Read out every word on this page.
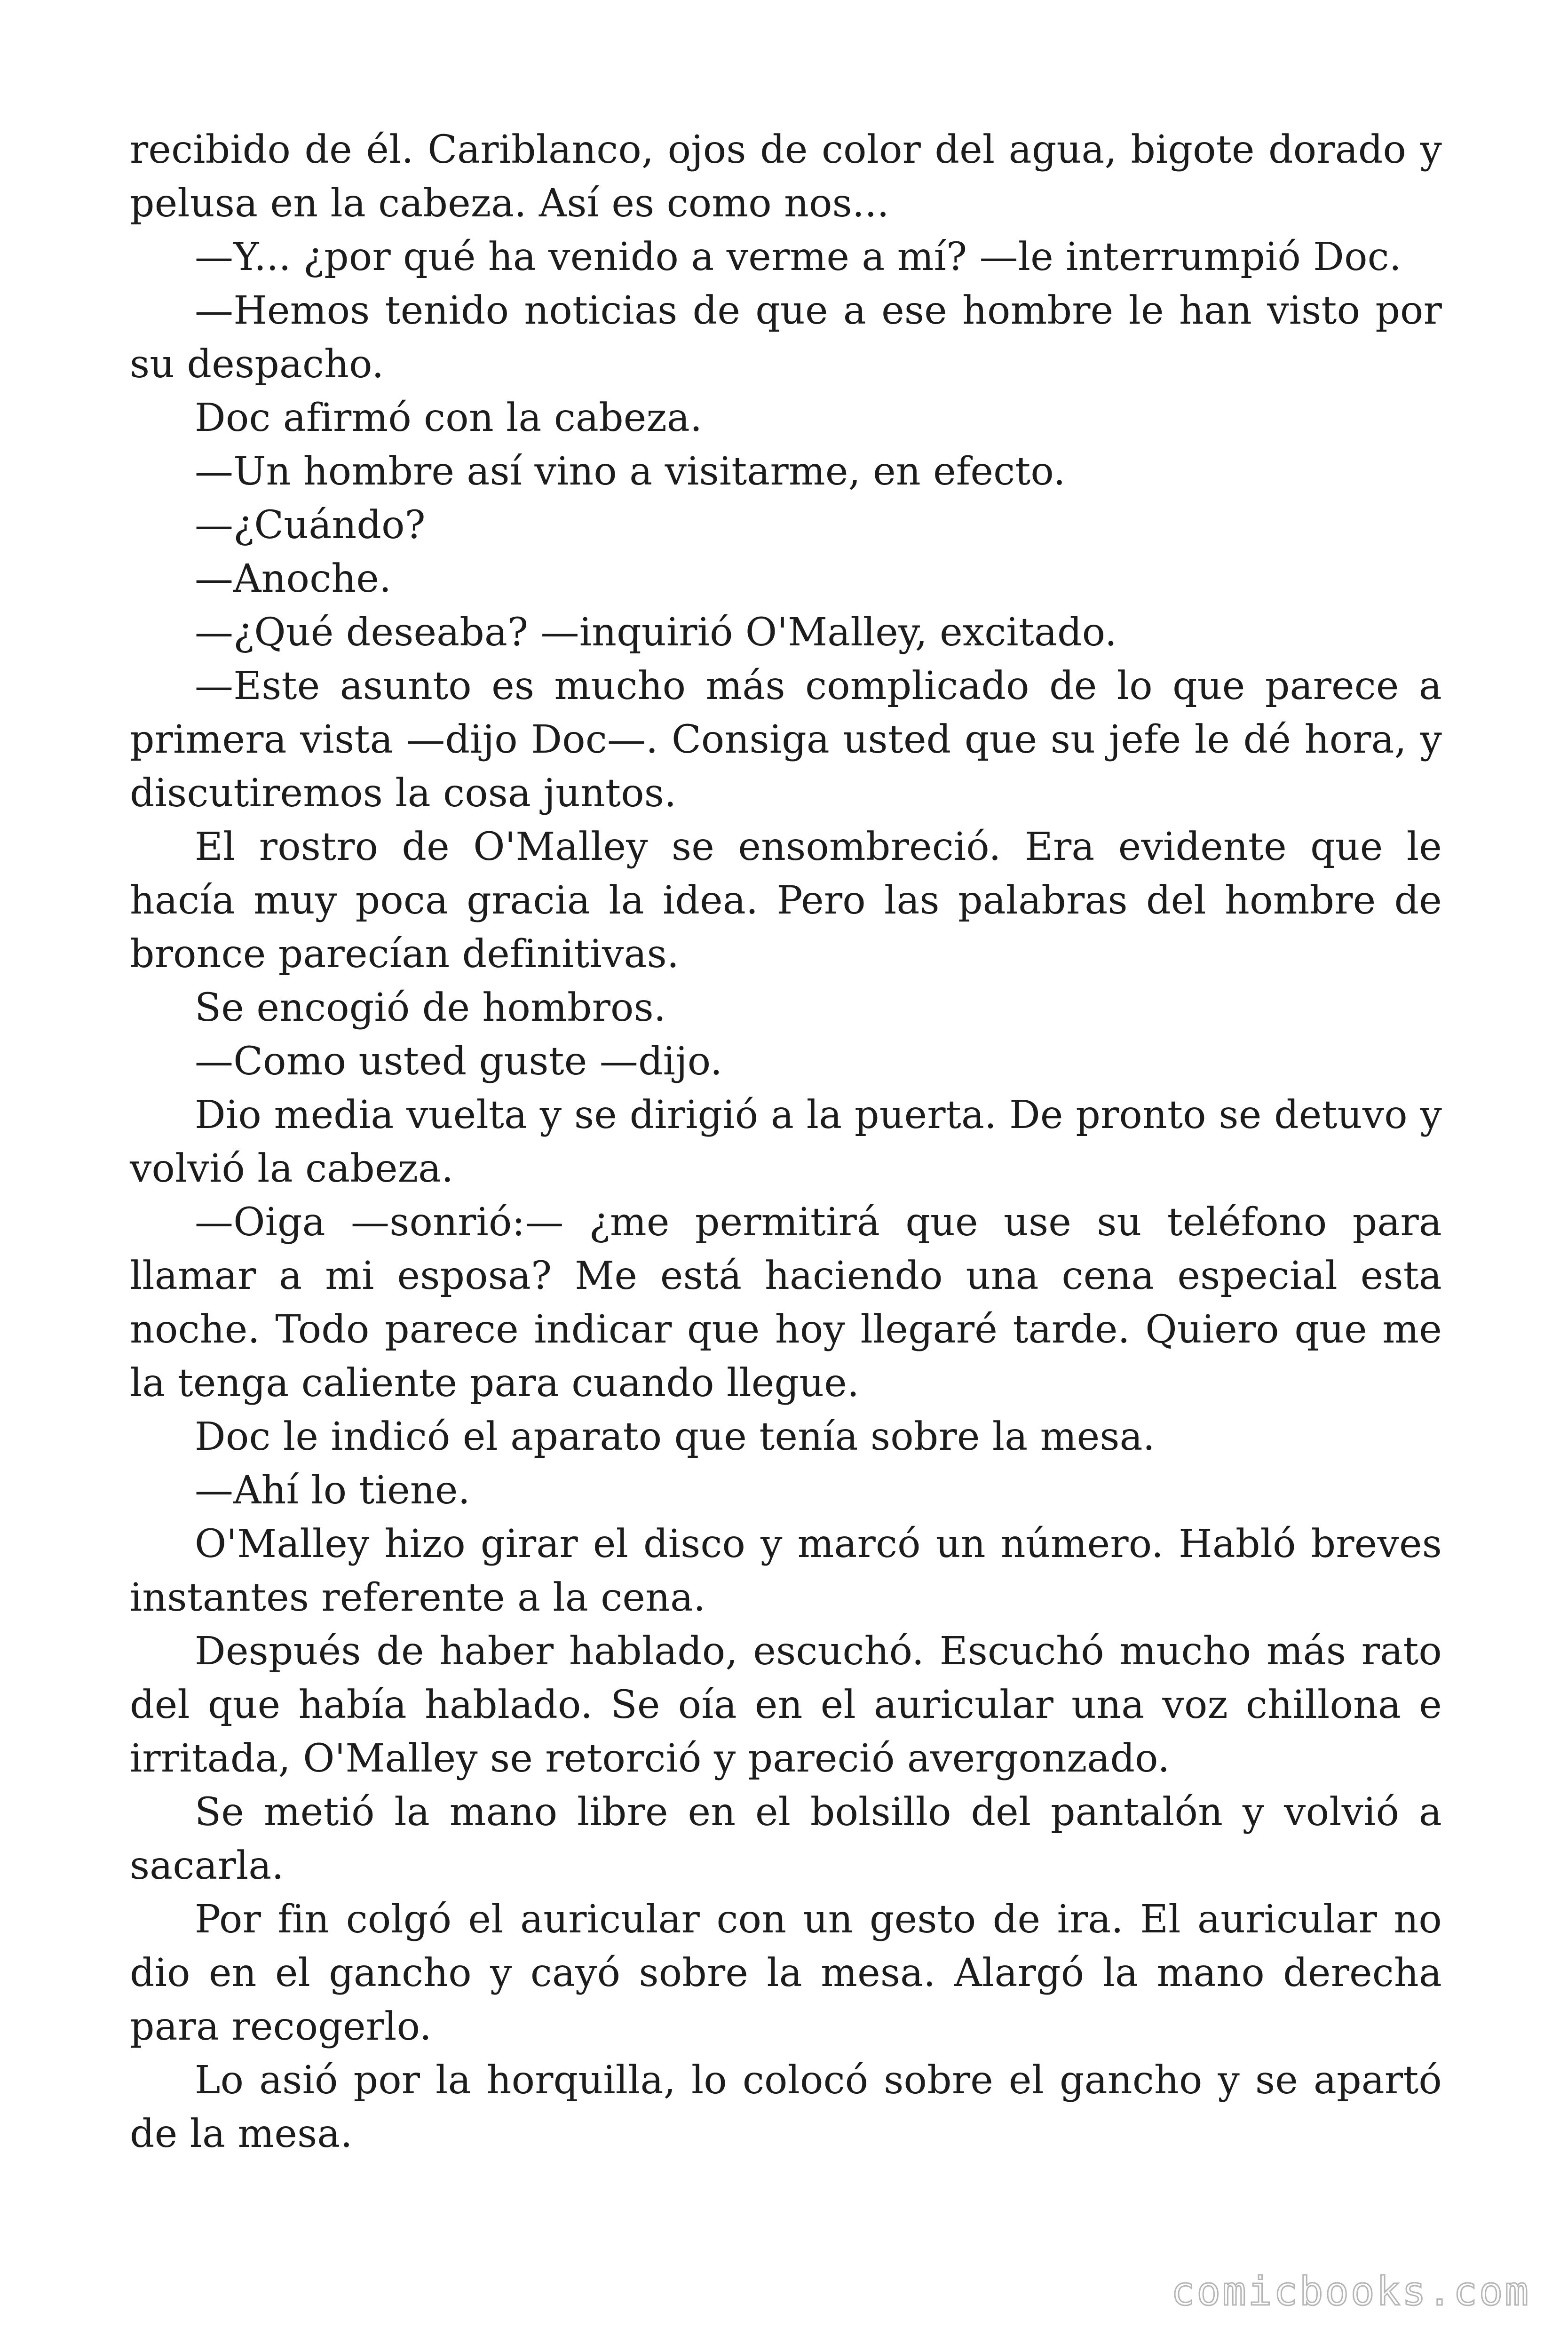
recibido de él. Cariblanco, ojos de color del agua, bigote dorado y pelusa en la cabeza. Así es como nos...

—Y... ¿por qué ha venido a verme a mí? —le interrumpió Doc.

—Hemos tenido noticias de que a ese hombre le han visto por su despacho.

Doc afirmó con la cabeza.

—Un hombre así vino a visitarme, en efecto.

—¿Cuándo?

—Anoche.

—¿Qué deseaba? —inquirió O'Malley, excitado.

—Este asunto es mucho más complicado de lo que parece a primera vista —dijo Doc—. Consiga usted que su jefe le dé hora, y discutiremos la cosa juntos.

El rostro de O'Malley se ensombreció. Era evidente que le hacía muy poca gracia la idea. Pero las palabras del hombre de bronce parecían definitivas.

Se encogió de hombros.

—Como usted guste —dijo.

Dio media vuelta y se dirigió a la puerta. De pronto se detuvo y volvió la cabeza.

—Oiga —sonrió:— ¿me permitirá que use su teléfono para llamar a mi esposa? Me está haciendo una cena especial esta noche. Todo parece indicar que hoy llegaré tarde. Quiero que me la tenga caliente para cuando llegue.

Doc le indicó el aparato que tenía sobre la mesa.

—Ahí lo tiene.

O'Malley hizo girar el disco y marcó un número. Habló breves instantes referente a la cena.

Después de haber hablado, escuchó. Escuchó mucho más rato del que había hablado. Se oía en el auricular una voz chillona e irritada, O'Malley se retorció y pareció avergonzado.

Se metió la mano libre en el bolsillo del pantalón y volvió a sacarla.

Por fin colgó el auricular con un gesto de ira. El auricular no dio en el gancho y cayó sobre la mesa. Alargó la mano derecha para recogerlo.

Lo asió por la horquilla, lo colocó sobre el gancho y se apartó de la mesa.

comicbooks.com
